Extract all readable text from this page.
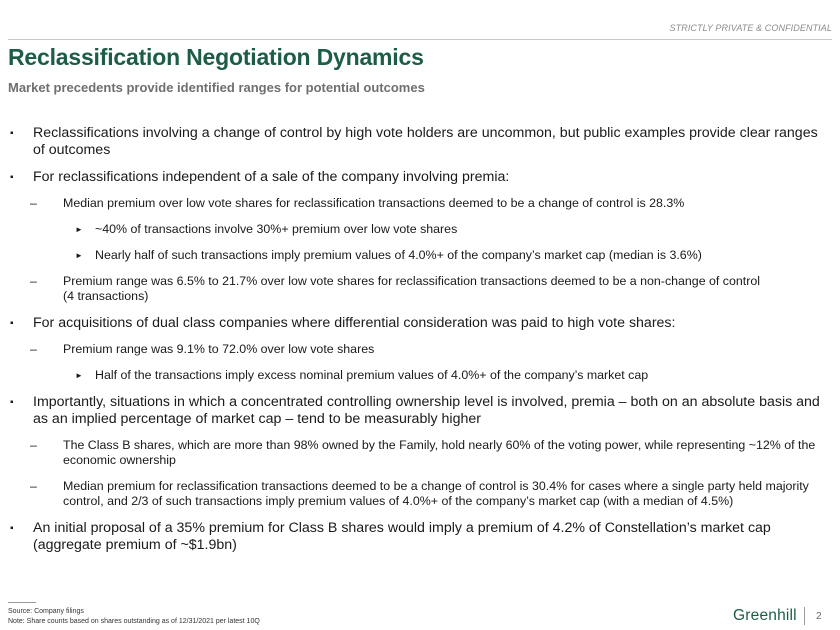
STRICTLY PRIVATE & CONFIDENTIAL
Reclassification Negotiation Dynamics
Market precedents provide identified ranges for potential outcomes
▪ Reclassifications involving a change of control by high vote holders are uncommon, but public examples provide clear ranges of outcomes
▪ For reclassifications independent of a sale of the company involving premia:
– Median premium over low vote shares for reclassification transactions deemed to be a change of control is 28.3%
► ~40% of transactions involve 30%+ premium over low vote shares
► Nearly half of such transactions imply premium values of 4.0%+ of the company’s market cap (median is 3.6%)
– Premium range was 6.5% to 21.7% over low vote shares for reclassification transactions deemed to be a non-change of control
(4 transactions)
▪ For acquisitions of dual class companies where differential consideration was paid to high vote shares:
– Premium range was 9.1% to 72.0% over low vote shares
► Half of the transactions imply excess nominal premium values of 4.0%+ of the company’s market cap
▪ Importantly, situations in which a concentrated controlling ownership level is involved, premia – both on an absolute basis and as an implied percentage of market cap – tend to be measurably higher
– The Class B shares, which are more than 98% owned by the Family, hold nearly 60% of the voting power, while representing ~12% of the economic ownership
– Median premium for reclassification transactions deemed to be a change of control is 30.4% for cases where a single party held majority control, and 2/3 of such transactions imply premium values of 4.0%+ of the company’s market cap (with a median of 4.5%)
▪ An initial proposal of a 35% premium for Class B shares would imply a premium of 4.2% of Constellation’s market cap (aggregate premium of ~$1.9bn)
Source: Company filings
Note: Share counts based on shares outstanding as of 12/31/2021 per latest 10Q	Greenhill 2
